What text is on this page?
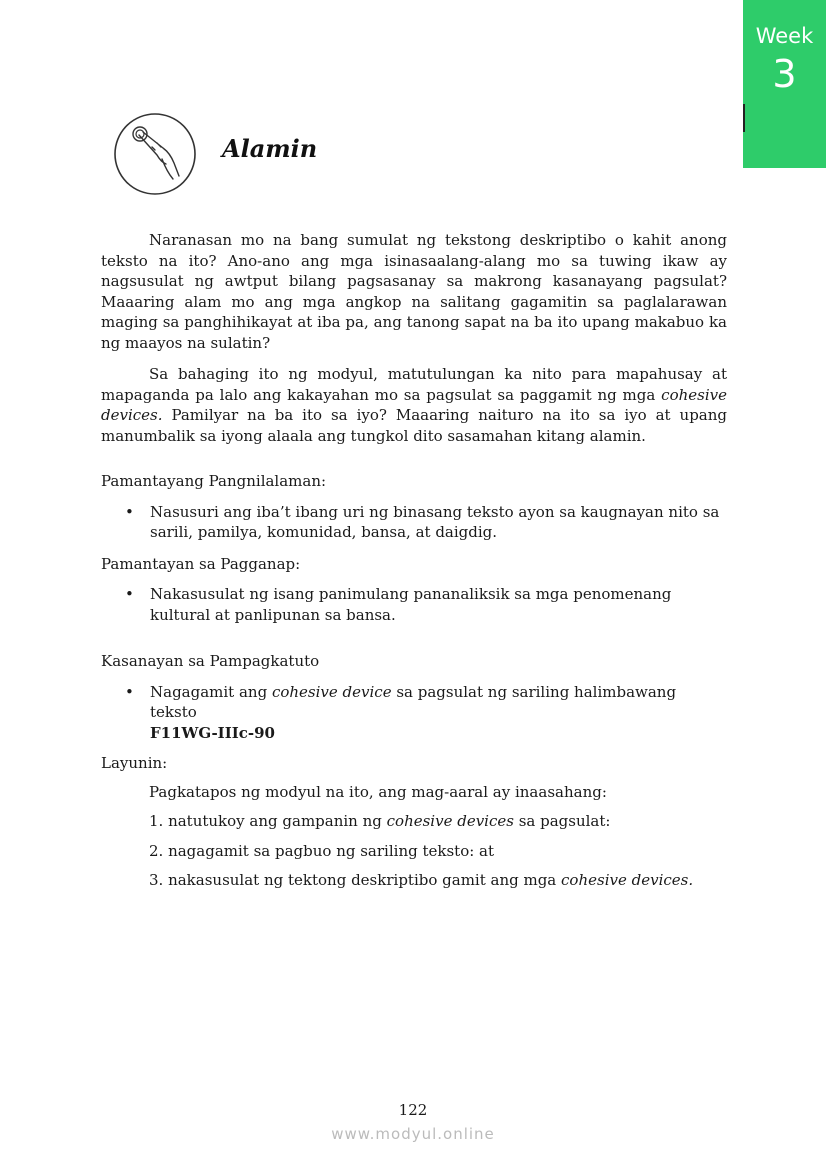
Week
3
Alamin

Naranasan mo na bang sumulat ng tekstong deskriptibo o kahit anong teksto na ito? Ano-ano ang mga isinasaalang-alang mo sa tuwing ikaw ay nagsusulat ng awtput bilang pagsasanay sa makrong kasanayang pagsulat? Maaaring alam mo ang mga angkop na salitang gagamitin sa paglalarawan maging sa panghihikayat at iba pa, ang tanong sapat na ba ito upang makabuo ka ng maayos na sulatin?

Sa bahaging ito ng modyul, matutulungan ka nito para mapahusay at mapaganda pa lalo ang kakayahan mo sa pagsulat sa paggamit ng mga cohesive devices. Pamilyar na ba ito sa iyo? Maaaring naituro na ito sa iyo at upang manumbalik sa iyong alaala ang tungkol dito sasamahan kitang alamin.

Pamantayang Pangnilalaman:

• Nasusuri ang iba’t ibang uri ng binasang teksto ayon sa kaugnayan nito sa sarili, pamilya, komunidad, bansa, at daigdig.

Pamantayan sa Pagganap:

• Nakasusulat ng isang panimulang pananaliksik sa mga penomenang kultural at panlipunan sa bansa.

Kasanayan sa Pampagkatuto

• Nagagamit ang cohesive device sa pagsulat ng sariling halimbawang teksto
F11WG-IIIc-90

Layunin:

Pagkatapos ng modyul na ito, ang mag-aaral ay inaasahang:

1. natutukoy ang gampanin ng cohesive devices sa pagsulat:

2. nagagamit sa pagbuo ng sariling teksto: at

3. nakasusulat ng tektong deskriptibo gamit ang mga cohesive devices.

122
www.modyul.online
